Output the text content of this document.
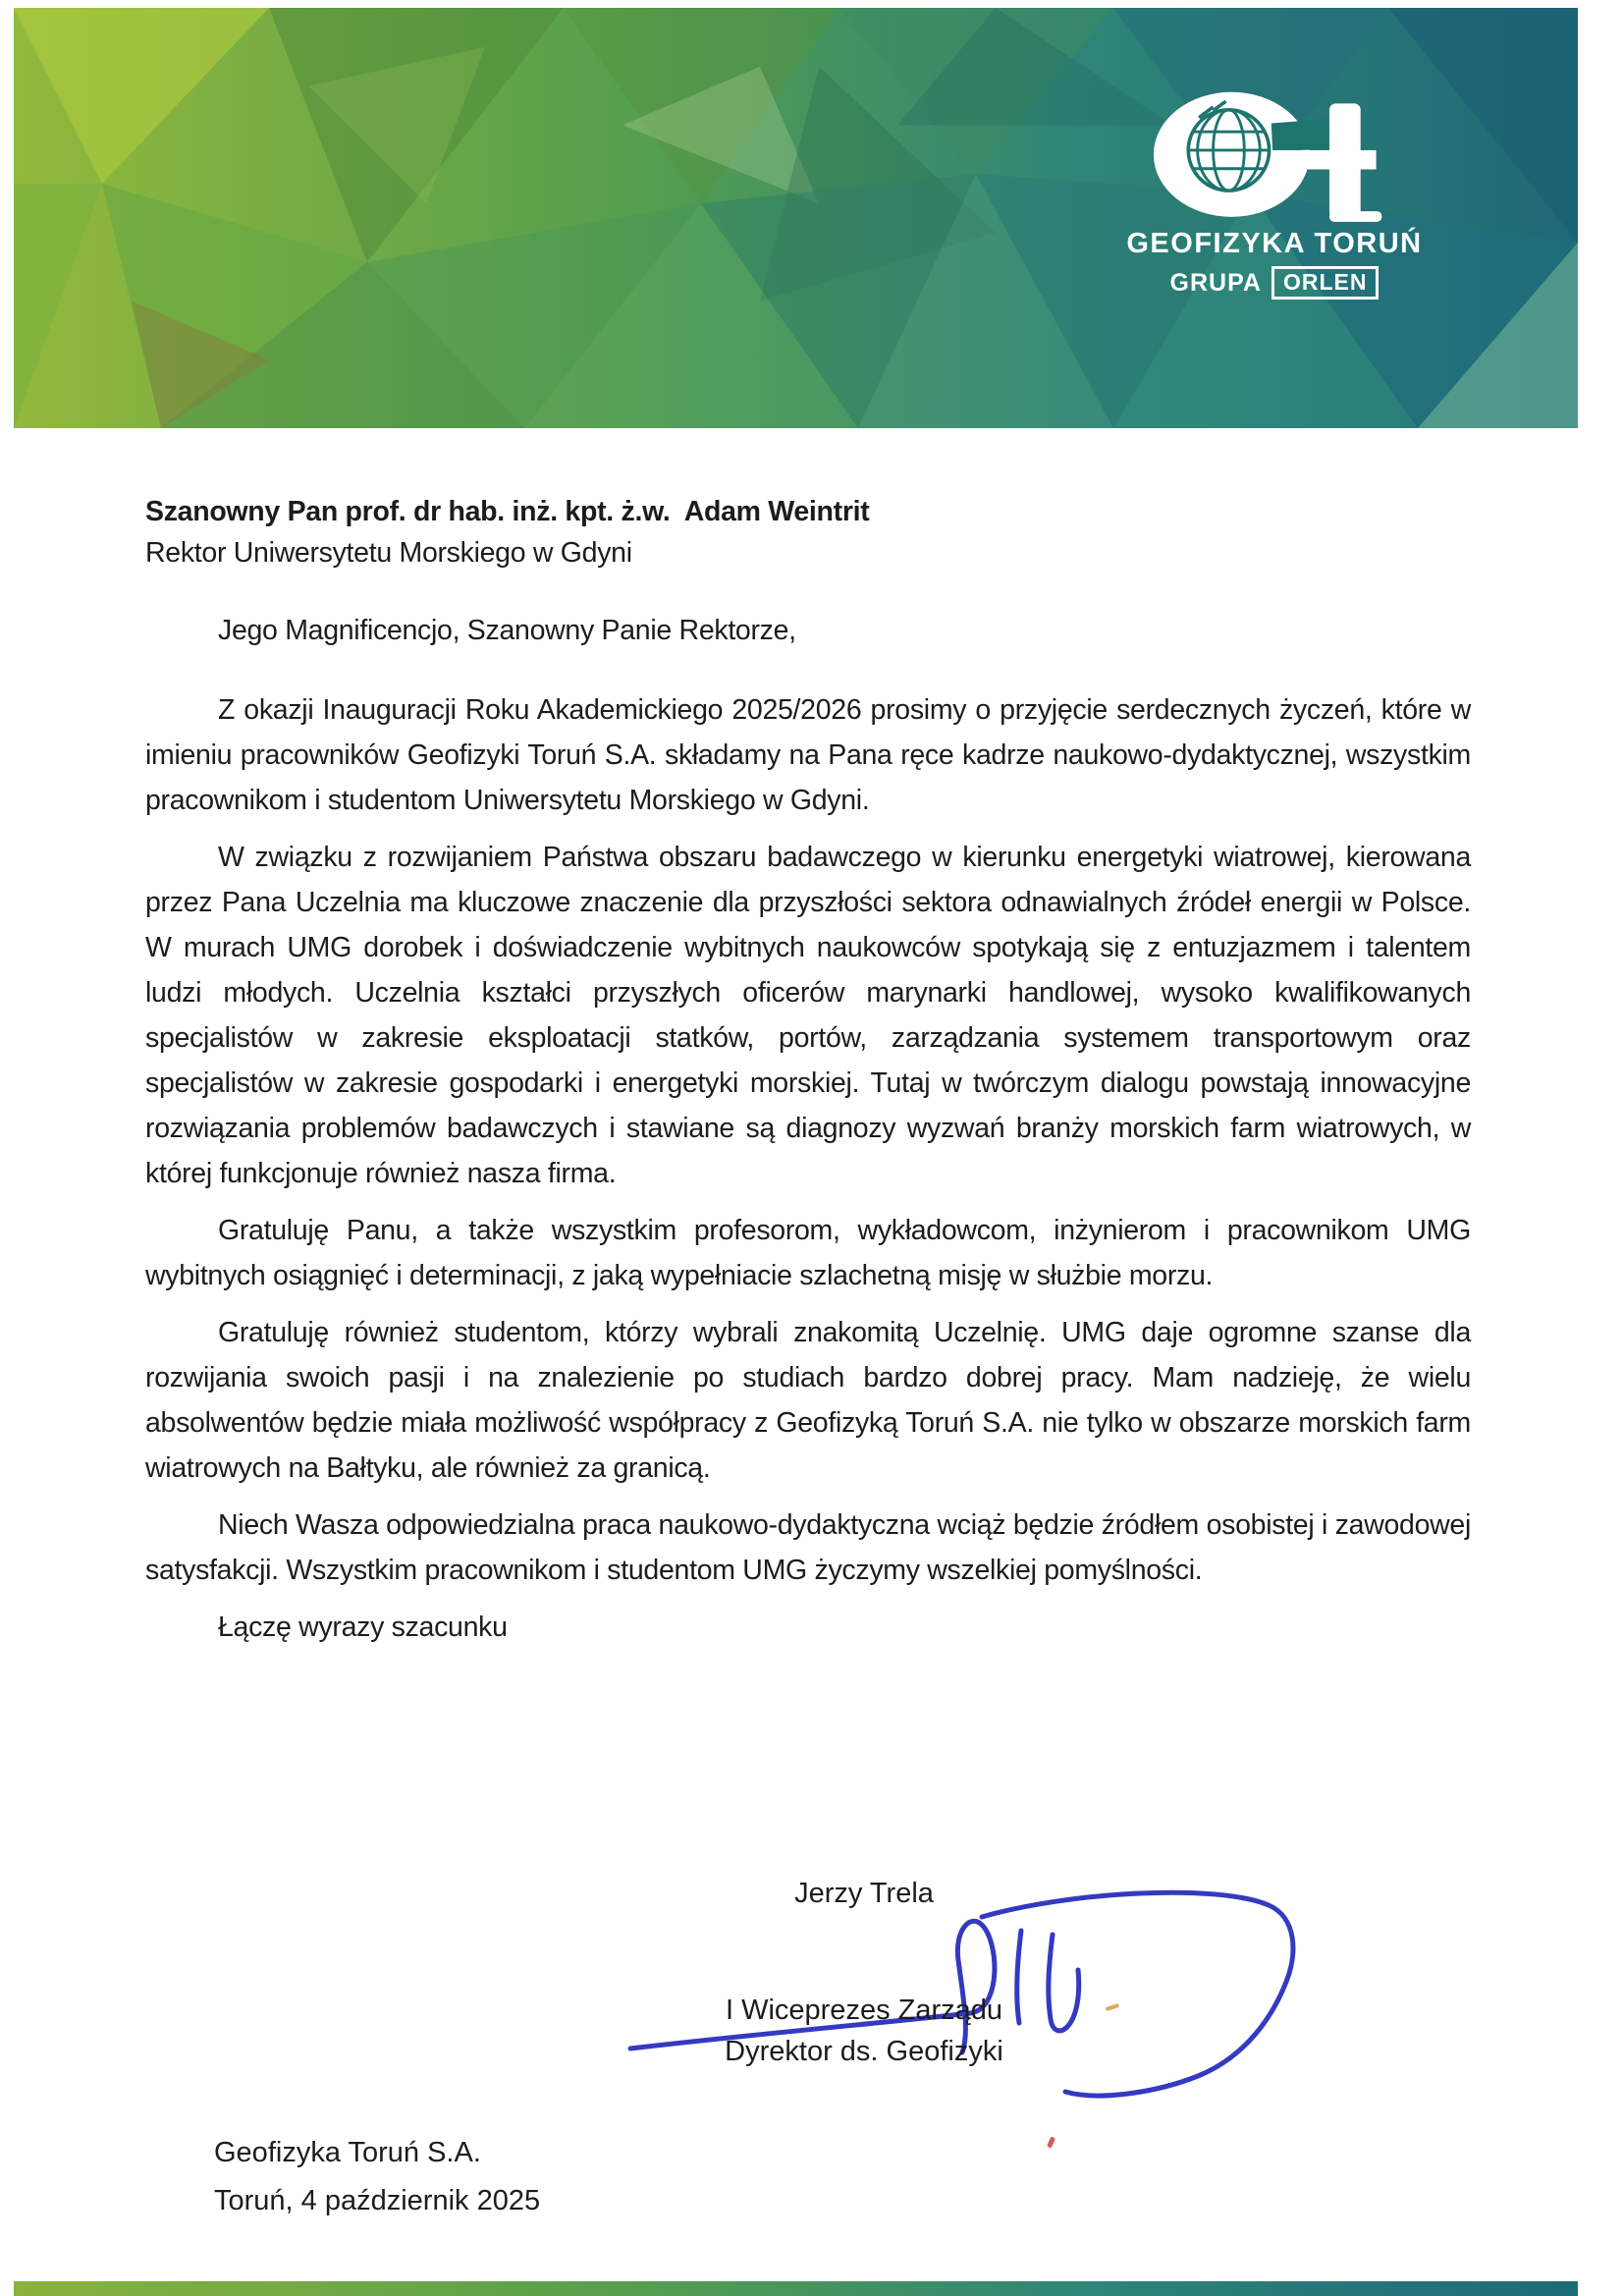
GEOFIZYKA TORUŃ
GRUPA ORLEN
Szanowny Pan prof. dr hab. inż. kpt. ż.w.  Adam Weintrit
Rektor Uniwersytetu Morskiego w Gdyni
Jego Magnificencjo, Szanowny Panie Rektorze,

Z okazji Inauguracji Roku Akademickiego 2025/2026 prosimy o przyjęcie serdecznych życzeń, które w imieniu pracowników Geofizyki Toruń S.A. składamy na Pana ręce kadrze naukowo-dydaktycznej, wszystkim pracownikom i studentom Uniwersytetu Morskiego w Gdyni.

W związku z rozwijaniem Państwa obszaru badawczego w kierunku energetyki wiatrowej, kierowana przez Pana Uczelnia ma kluczowe znaczenie dla przyszłości sektora odnawialnych źródeł energii w Polsce. W murach UMG dorobek i doświadczenie wybitnych naukowców spotykają się z entuzjazmem i talentem ludzi młodych. Uczelnia kształci przyszłych oficerów marynarki handlowej, wysoko kwalifikowanych specjalistów w zakresie eksploatacji statków, portów, zarządzania systemem transportowym oraz specjalistów w zakresie gospodarki i energetyki morskiej. Tutaj w twórczym dialogu powstają innowacyjne rozwiązania problemów badawczych i stawiane są diagnozy wyzwań branży morskich farm wiatrowych, w której funkcjonuje również nasza firma.

Gratuluję Panu, a także wszystkim profesorom, wykładowcom, inżynierom i pracownikom UMG wybitnych osiągnięć i determinacji, z jaką wypełniacie szlachetną misję w służbie morzu.

Gratuluję również studentom, którzy wybrali znakomitą Uczelnię. UMG daje ogromne szanse dla rozwijania swoich pasji i na znalezienie po studiach bardzo dobrej pracy. Mam nadzieję, że wielu absolwentów będzie miała możliwość współpracy z Geofizyką Toruń S.A. nie tylko w obszarze morskich farm wiatrowych na Bałtyku, ale również za granicą.

Niech Wasza odpowiedzialna praca naukowo-dydaktyczna wciąż będzie źródłem osobistej i zawodowej satysfakcji. Wszystkim pracownikom i studentom UMG życzymy wszelkiej pomyślności.

Łączę wyrazy szacunku
Jerzy Trela
I Wiceprezes Zarządu
Dyrektor ds. Geofizyki
Geofizyka Toruń S.A.
Toruń, 4 październik 2025
